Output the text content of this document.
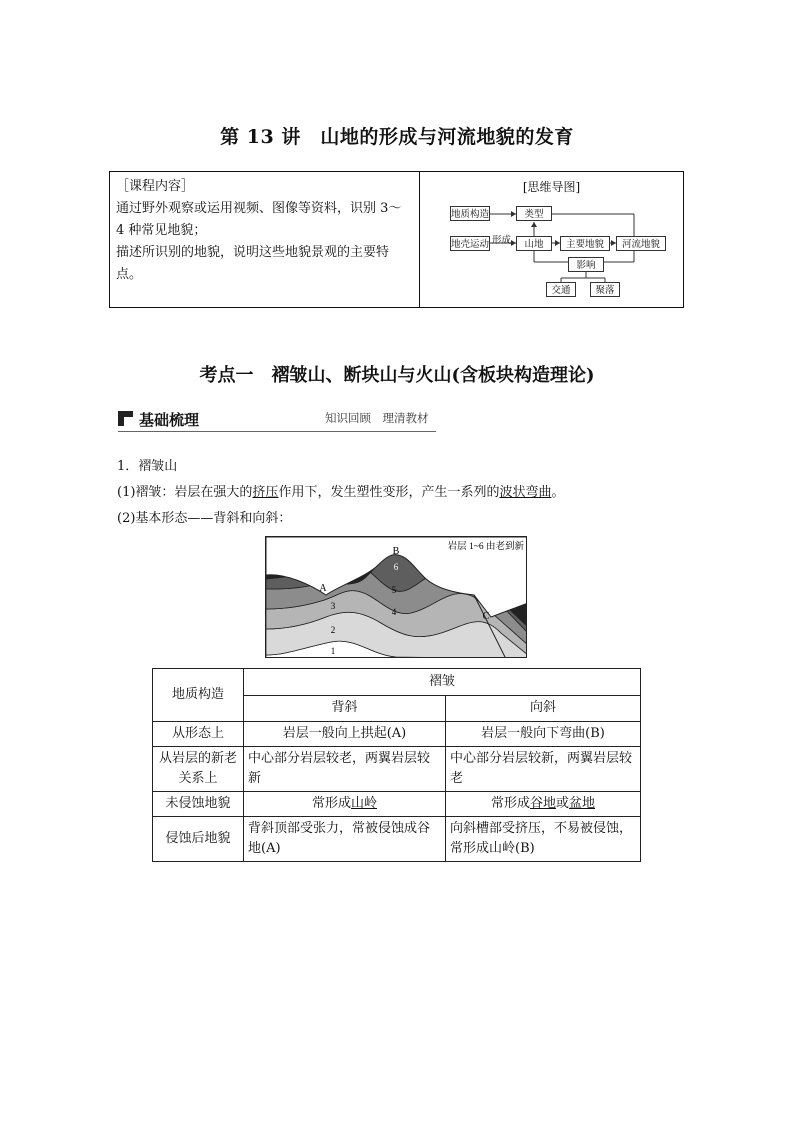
第 13 讲　山地的形成与河流地貌的发育
［课程内容］
通过野外观察或运用视频、图像等资料，识别 3～
4 种常见地貌；
描述所识别的地貌，说明这些地貌景观的主要特
点。
[思维导图]
地质构造	类型
地壳运动 形成	山地	主要地貌	河流地貌
影响
交通	聚落
考点一　褶皱山、断块山与火山(含板块构造理论)
基础梳理	知识回顾　理清教材
1．褶皱山
(1)褶皱：岩层在强大的挤压作用下，发生塑性变形，产生一系列的波状弯曲。
(2)基本形态——背斜和向斜：
A
B
C
1
2
3
4
5
6
岩层 1~6 由老到新
地质构造	褶皱	
	背斜	向斜
从形态上	岩层一般向上拱起(A)	岩层一般向下弯曲(B)
从岩层的新老关系上	中心部分岩层较老，两翼岩层较新	中心部分岩层较新，两翼岩层较老
未侵蚀地貌	常形成山岭	常形成谷地或盆地
侵蚀后地貌	背斜顶部受张力，常被侵蚀成谷地(A)	向斜槽部受挤压，不易被侵蚀，常形成山岭(B)
